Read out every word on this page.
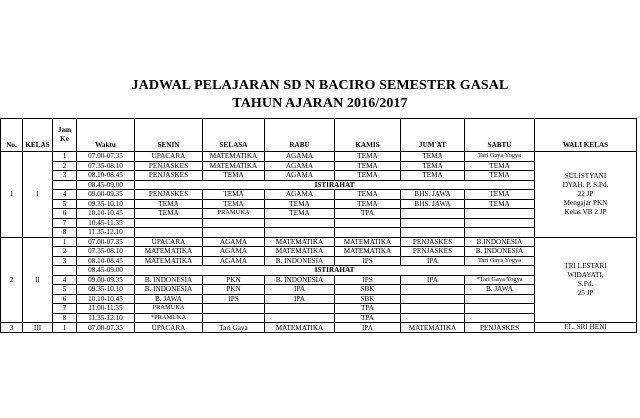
JADWAL PELAJARAN SD N BACIRO SEMESTER GASAL
TAHUN AJARAN 2016/2017
No.	KELAS	Jam
Ke	Waktu	SENIN	SELASA	RABU	KAMIS	JUM'AT	SABTU	WALI KELAS
1	I	1	07.00-07.35	UPACARA	MATEMATIKA	AGAMA	TEMA	TEMA	Tari Gaya Yogya	SULISTYANI
DYAH. P, S.Pd.
22 JP
Mengajar PKN
Kelas VB 2 JP

		2	07.35-08.10	PENJASKES	MATEMATIKA	AGAMA	TEMA	TEMA	TEMA	
		3	08.10-08.45	PENJASKES	TEMA	AGAMA	TEMA	TEMA	TEMA	
			08.45-09.00	ISTIRAHAT						
		4	09.00-09.35	PENJASKES	TEMA	AGAMA	TEMA	BHS. JAWA	TEMA	
		5	09.35-10.10	TEMA	TEMA	TEMA	TEMA	BHS. JAWA	TEMA	
		6	10.10-10.45	TEMA	PRAMUKA	TEMA	TPA			
		7	10.45-11.35							
		8	11.35-12.10							
2	II	1	07.00-07.35	UPACARA	AGAMA	MATEMATIKA	MATEMATIKA	PENJASKES	B.INDONESIA	TRI LESTARI
WIDAYATI,
S.Pd.
25 JP

		2	07.35-08.10	MATEMATIKA	AGAMA	MATEMATIKA	MATEMATIKA	PENJASKES	B. INDONESIA	
		3	08.10-08.45	MATEMATIKA	AGAMA	B. INDONESIA	IPS	IPA	Tari Gaya Yogya	
			08.45-09.00	ISTIRAHAT						
		4	09.00-09.35	B. INDONESIA	PKN	B. INDONESIA	IPS	IPA	*Tari Gaya Yogya	
		5	09.35-10.10	B. INDONESIA	PKN	IPA	SBK		B. JAWA	
		6	10.10-10.45	B. JAWA	IPS	IPA	SBK			
		7	11.00-11.35	PRAMUKA			TPA			
		8	11.35-12.10	*PRAMUKA			TPA			
3	III	1	07.00-07.35	UPACARA	Tari Gaya	MATEMATIKA	IPA	MATEMATIKA	PENJASKES	EL. SRI HENI
